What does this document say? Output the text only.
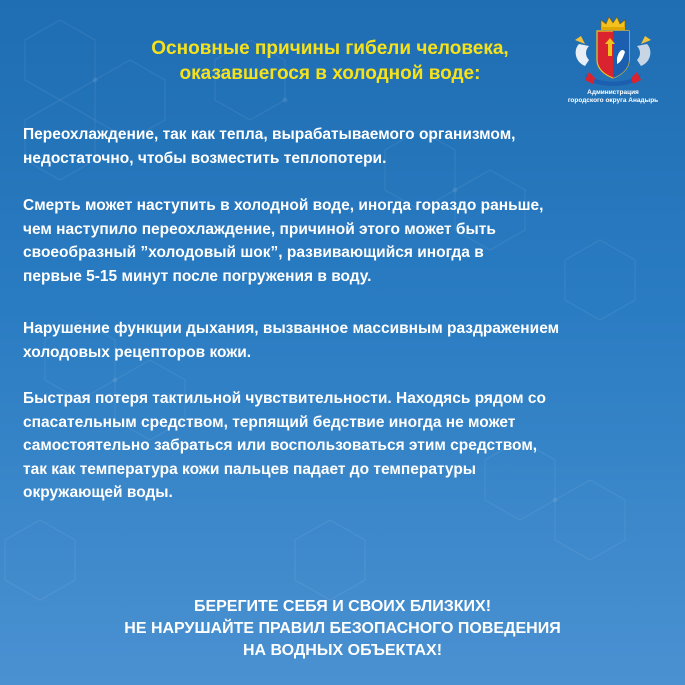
Основные причины гибели человека,
оказавшегося в холодной воде:
Администрация
городского округа Анадырь

Переохлаждение, так как тепла, вырабатываемого организмом,
недостаточно, чтобы возместить теплопотери.

Смерть может наступить в холодной воде, иногда гораздо раньше,
чем наступило переохлаждение, причиной этого может быть
своеобразный ”холодовый шок”, развивающийся иногда в
первые 5-15 минут после погружения в воду.

Нарушение функции дыхания, вызванное массивным раздражением
холодовых рецепторов кожи.

Быстрая потеря тактильной чувствительности. Находясь рядом со
спасательным средством, терпящий бедствие иногда не может
самостоятельно забраться или воспользоваться этим средством,
так как температура кожи пальцев падает до температуры
окружающей воды.

БЕРЕГИТЕ СЕБЯ И СВОИХ БЛИЗКИХ!
НЕ НАРУШАЙТЕ ПРАВИЛ БЕЗОПАСНОГО ПОВЕДЕНИЯ
НА ВОДНЫХ ОБЪЕКТАХ!
